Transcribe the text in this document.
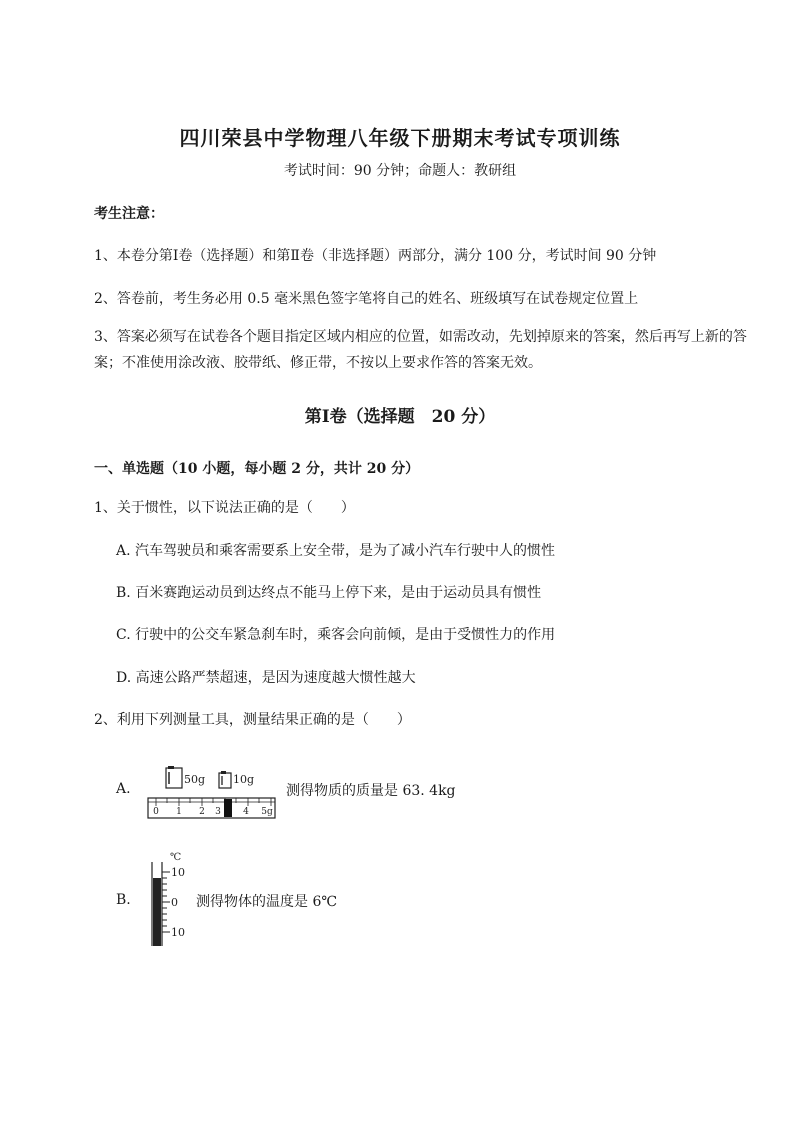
四川荣县中学物理八年级下册期末考试专项训练
考试时间：90 分钟；命题人：教研组
考生注意：
1、本卷分第Ⅰ卷（选择题）和第Ⅱ卷（非选择题）两部分，满分 100 分，考试时间 90 分钟
2、答卷前，考生务必用 0.5 毫米黑色签字笔将自己的姓名、班级填写在试卷规定位置上
3、答案必须写在试卷各个题目指定区域内相应的位置，如需改动，先划掉原来的答案，然后再写上新的答案；不准使用涂改液、胶带纸、修正带，不按以上要求作答的答案无效。
第Ⅰ卷（选择题　20 分）
一、单选题（10 小题，每小题 2 分，共计 20 分）
1、关于惯性，以下说法正确的是（　　）
A. 汽车驾驶员和乘客需要系上安全带，是为了减小汽车行驶中人的惯性
B. 百米赛跑运动员到达终点不能马上停下来，是由于运动员具有惯性
C. 行驶中的公交车紧急刹车时，乘客会向前倾，是由于受惯性力的作用
D. 高速公路严禁超速，是因为速度越大惯性越大
2、利用下列测量工具，测量结果正确的是（　　）
A.
50g	10g
0 1 2 3 4 5g
测得物质的质量是 63. 4kg
B.
℃
10
0
10
测得物体的温度是 6℃
